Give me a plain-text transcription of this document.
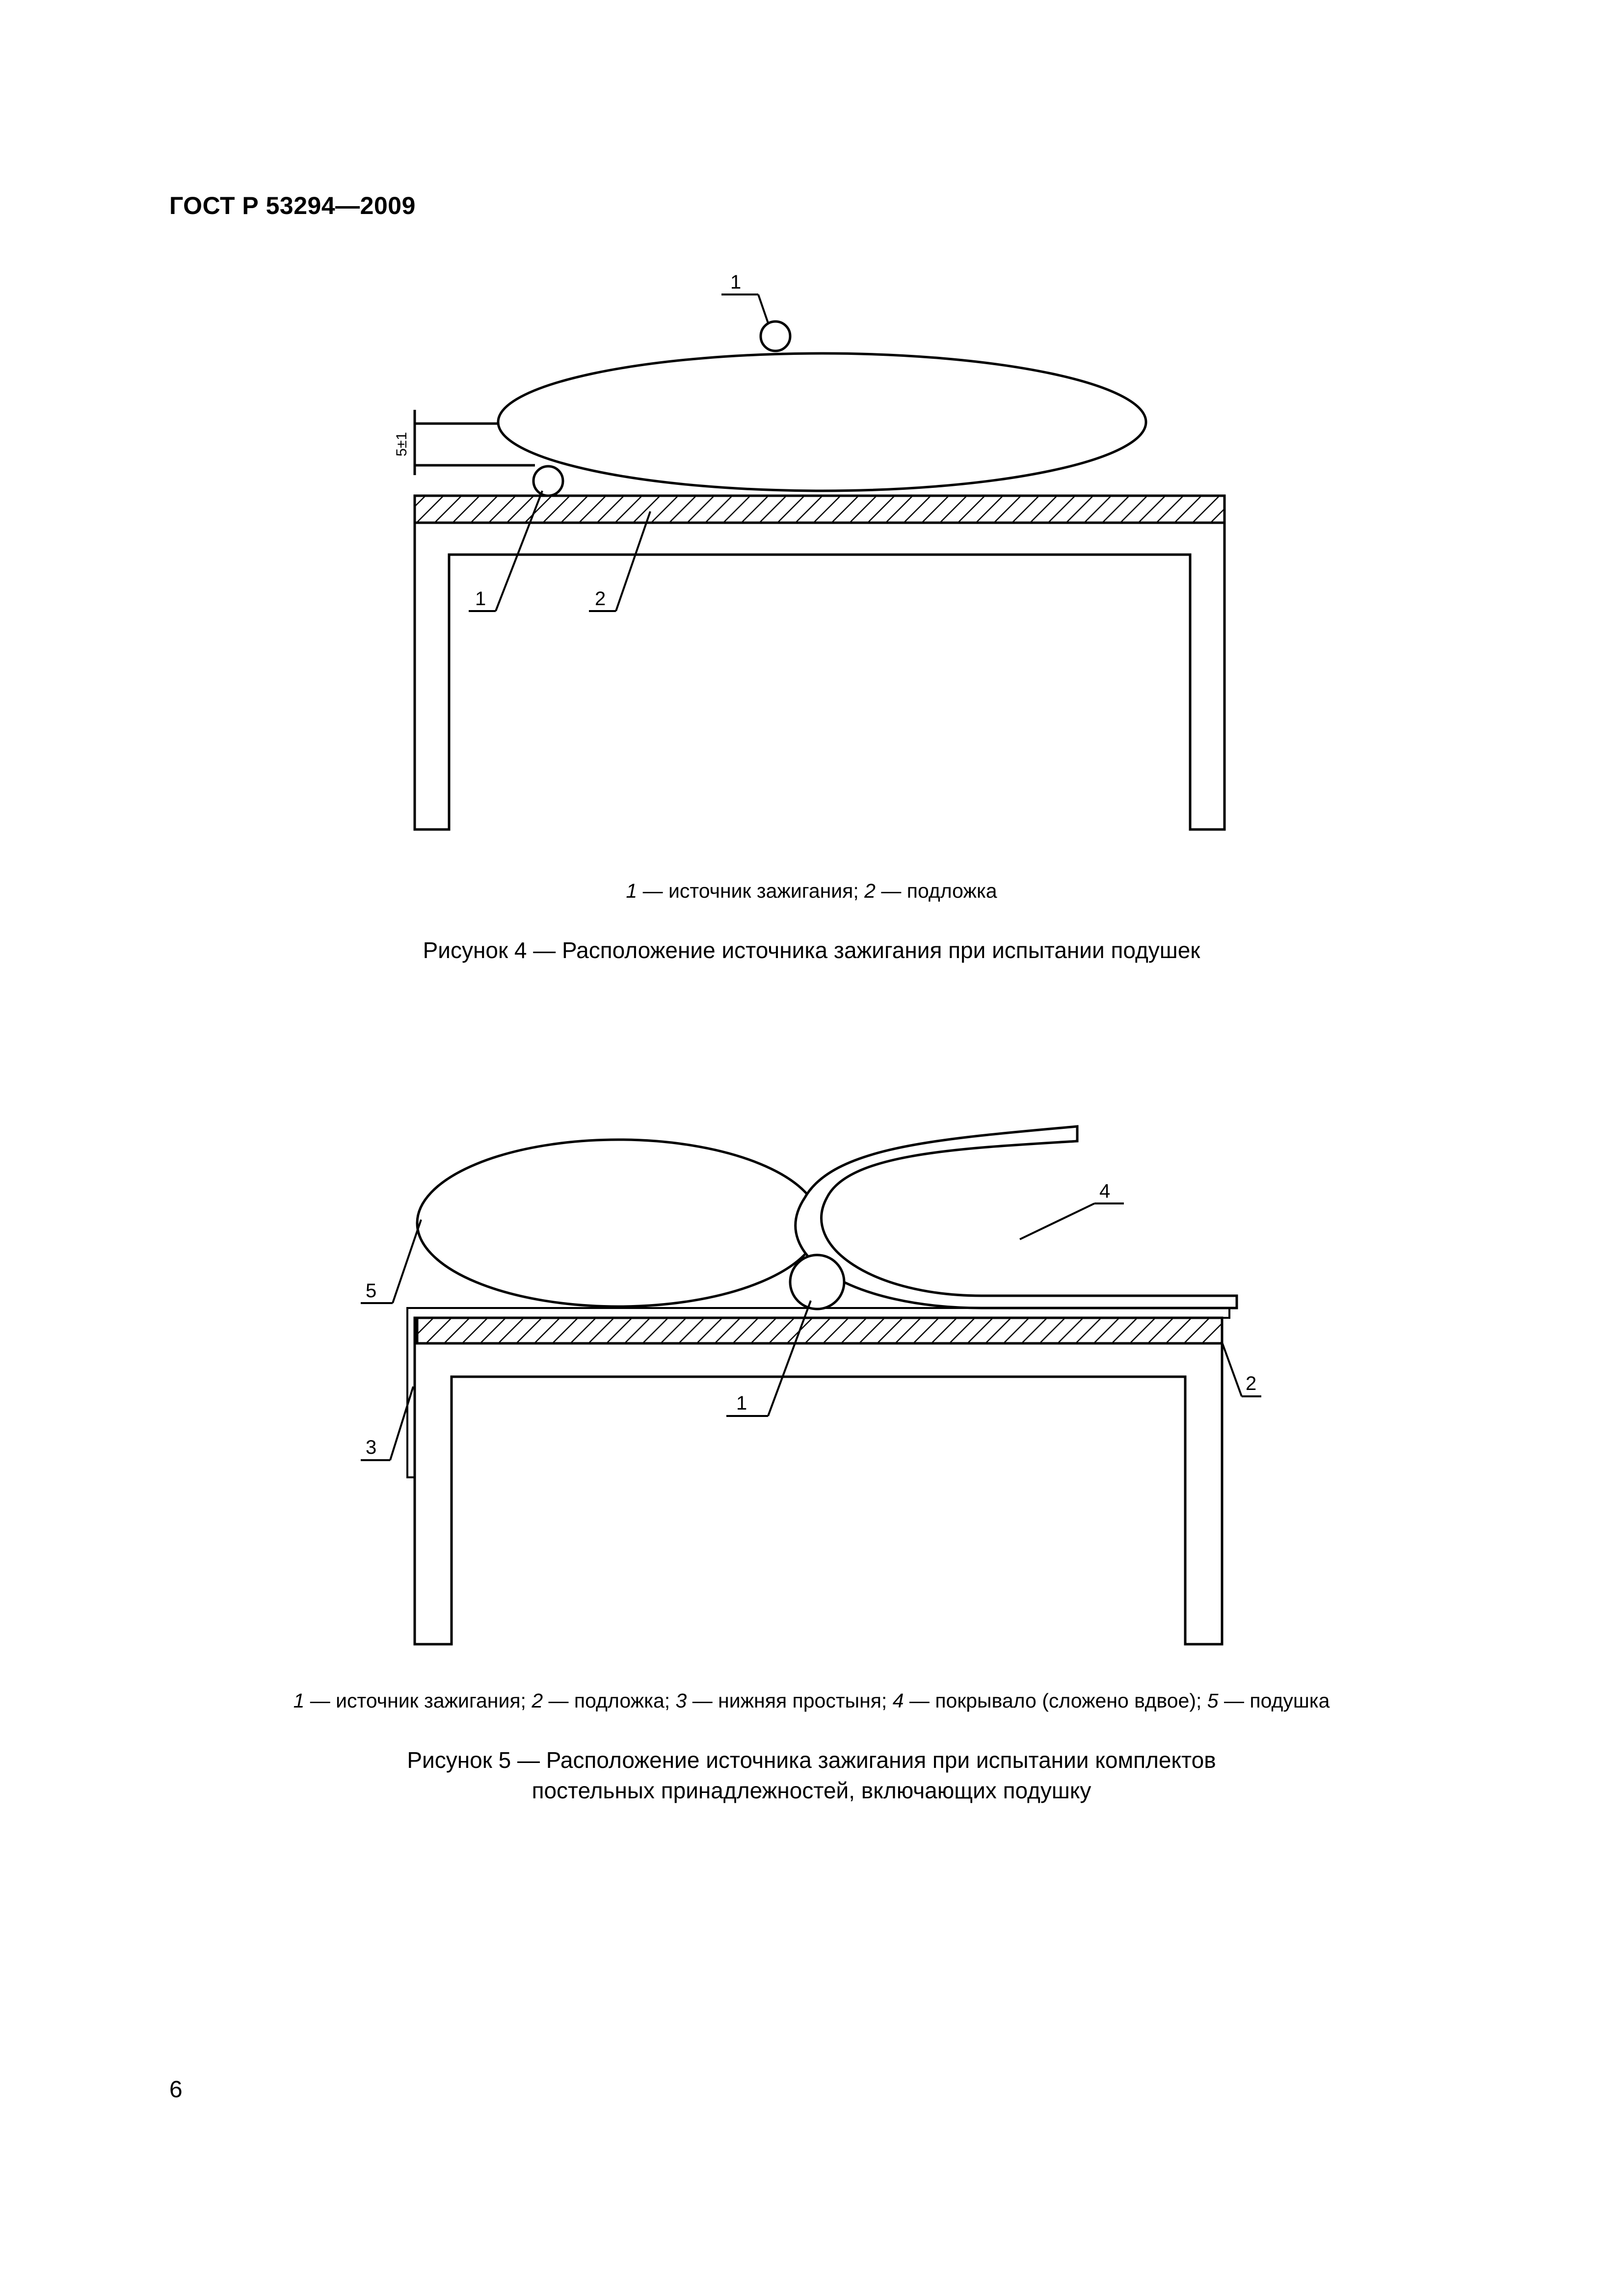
ГОСТ Р 53294—2009
5±1
1
1	2
1 — источник зажигания; 2 — подложка
Рисунок 4 — Расположение источника зажигания при испытании подушек
4
5
1
2
3
1 — источник зажигания; 2 — подложка; 3 — нижняя простыня; 4 — покрывало (сложено вдвое); 5 — подушка
Рисунок 5 — Расположение источника зажигания при испытании комплектов
постельных принадлежностей, включающих подушку
6
